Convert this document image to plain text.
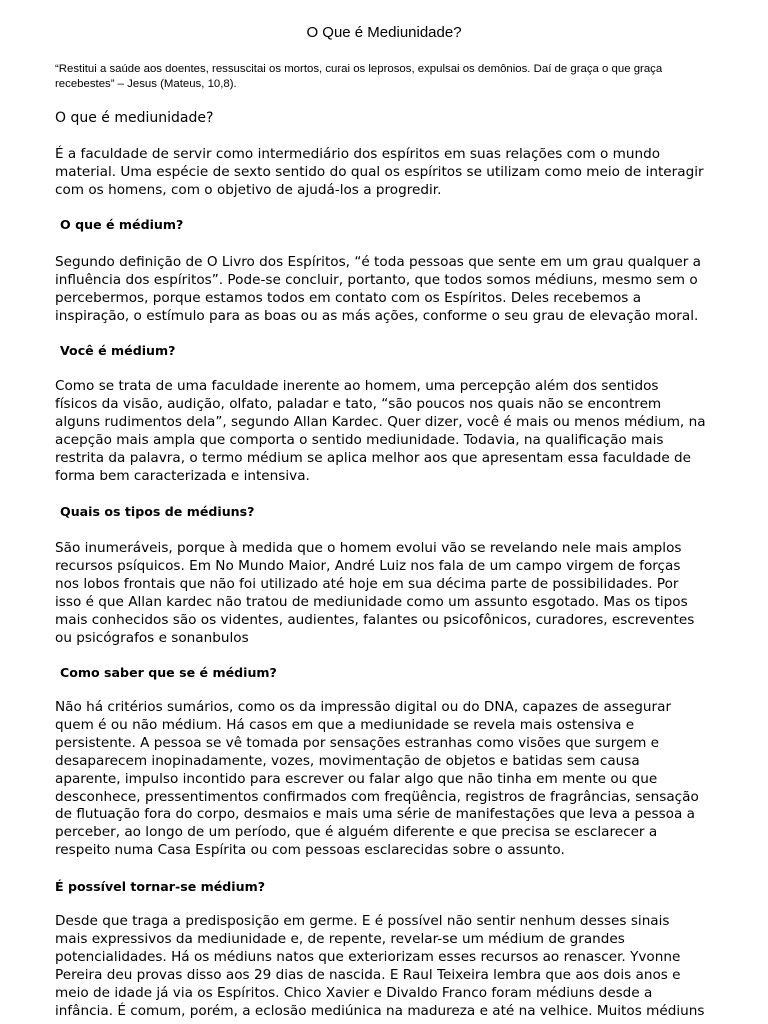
O Que é Mediunidade?
“Restitui a saúde aos doentes, ressuscitai os mortos, curai os leprosos, expulsai os demônios. Daí de graça o que graça recebestes” – Jesus (Mateus, 10,8).
O que é mediunidade?
É a faculdade de servir como intermediário dos espíritos em suas relações com o mundo
material. Uma espécie de sexto sentido do qual os espíritos se utilizam como meio de interagir
com os homens, com o objetivo de ajudá-los a progredir.
O que é médium?
Segundo definição de O Livro dos Espíritos, “é toda pessoas que sente em um grau qualquer a
influência dos espíritos”. Pode-se concluir, portanto, que todos somos médiuns, mesmo sem o
percebermos, porque estamos todos em contato com os Espíritos. Deles recebemos a
inspiração, o estímulo para as boas ou as más ações, conforme o seu grau de elevação moral.
Você é médium?
Como se trata de uma faculdade inerente ao homem, uma percepção além dos sentidos
físicos da visão, audição, olfato, paladar e tato, “são poucos nos quais não se encontrem
alguns rudimentos dela”, segundo Allan Kardec. Quer dizer, você é mais ou menos médium, na
acepção mais ampla que comporta o sentido mediunidade. Todavia, na qualificação mais
restrita da palavra, o termo médium se aplica melhor aos que apresentam essa faculdade de
forma bem caracterizada e intensiva.
Quais os tipos de médiuns?
São inumeráveis, porque à medida que o homem evolui vão se revelando nele mais amplos
recursos psíquicos. Em No Mundo Maior, André Luiz nos fala de um campo virgem de forças
nos lobos frontais que não foi utilizado até hoje em sua décima parte de possibilidades. Por
isso é que Allan kardec não tratou de mediunidade como um assunto esgotado. Mas os tipos
mais conhecidos são os videntes, audientes, falantes ou psicofônicos, curadores, escreventes
ou psicógrafos e sonanbulos
Como saber que se é médium?
Não há critérios sumários, como os da impressão digital ou do DNA, capazes de assegurar
quem é ou não médium. Há casos em que a mediunidade se revela mais ostensiva e
persistente. A pessoa se vê tomada por sensações estranhas como visões que surgem e
desaparecem inopinadamente, vozes, movimentação de objetos e batidas sem causa
aparente, impulso incontido para escrever ou falar algo que não tinha em mente ou que
desconhece, pressentimentos confirmados com freqüência, registros de fragrâncias, sensação
de flutuação fora do corpo, desmaios e mais uma série de manifestações que leva a pessoa a
perceber, ao longo de um período, que é alguém diferente e que precisa se esclarecer a
respeito numa Casa Espírita ou com pessoas esclarecidas sobre o assunto.
É possível tornar-se médium?
Desde que traga a predisposição em germe. E é possível não sentir nenhum desses sinais
mais expressivos da mediunidade e, de repente, revelar-se um médium de grandes
potencialidades. Há os médiuns natos que exteriorizam esses recursos ao renascer. Yvonne
Pereira deu provas disso aos 29 dias de nascida. E Raul Teixeira lembra que aos dois anos e
meio de idade já via os Espíritos. Chico Xavier e Divaldo Franco foram médiuns desde a
infância. É comum, porém, a eclosão mediúnica na madureza e até na velhice. Muitos médiuns
